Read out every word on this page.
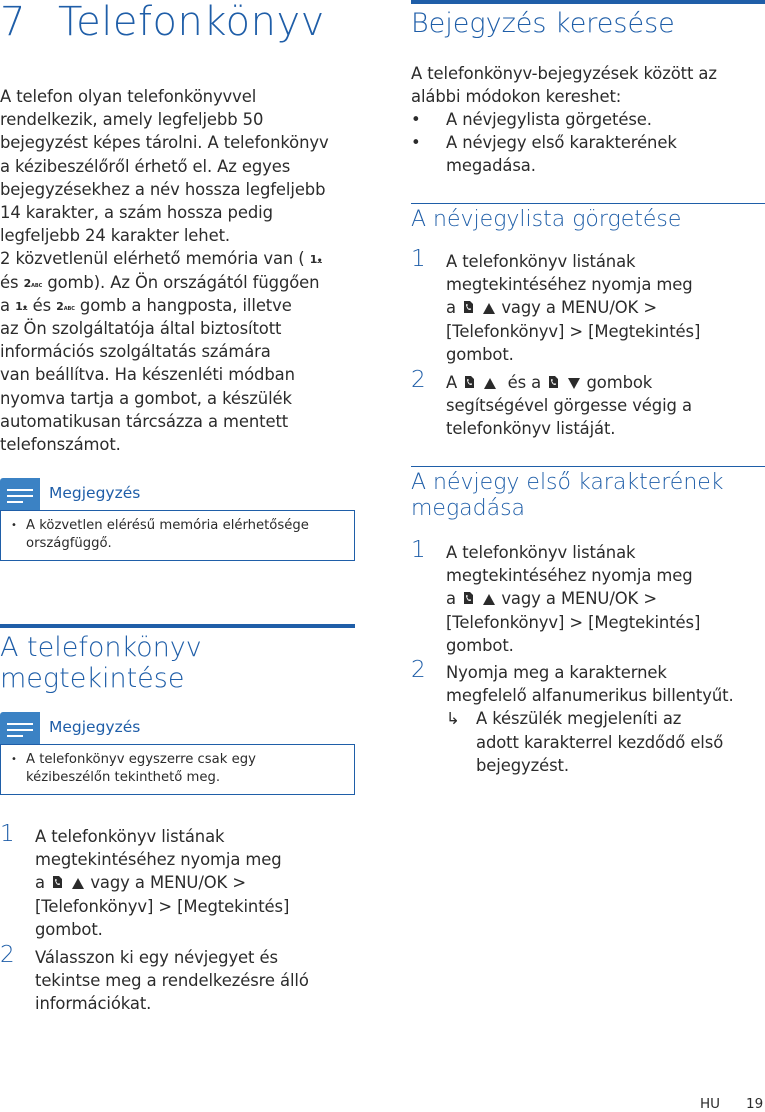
7 Telefonkönyv
A telefon olyan telefonkönyvvel
rendelkezik, amely legfeljebb 50
bejegyzést képes tárolni. A telefonkönyv
a kézibeszélőről érhető el. Az egyes
bejegyzésekhez a név hossza legfeljebb
14 karakter, a szám hossza pedig
legfeljebb 24 karakter lehet.
2 közvetlenül elérhető memória van ( 1ᴥ
és 2ABC gomb). Az Ön országától függően
a 1ᴥ és 2ABC gomb a hangposta, illetve
az Ön szolgáltatója által biztosított
információs szolgáltatás számára
van beállítva. Ha készenléti módban
nyomva tartja a gombot, a készülék
automatikusan tárcsázza a mentett
telefonszámot.
Megjegyzés
• A közvetlen elérésű memória elérhetősége
országfüggő.
A telefonkönyv
megtekintése
Megjegyzés
• A telefonkönyv egyszerre csak egy
kézibeszélőn tekinthető meg.
1 A telefonkönyv listának
megtekintéséhez nyomja meg
a	vagy a MENU/OK >
[Telefonkönyv] > [Megtekintés]
gombot.
2 Válasszon ki egy névjegyet és
tekintse meg a rendelkezésre álló
információkat.
Bejegyzés keresése
A telefonkönyv-bejegyzések között az
alábbi módokon kereshet:
•	A névjegylista görgetése.
•	A névjegy első karakterének
megadása.
A névjegylista görgetése
1 A telefonkönyv listának
megtekintéséhez nyomja meg
a	vagy a MENU/OK >
[Telefonkönyv] > [Megtekintés]
gombot.
2 A	és a	gombok
segítségével görgesse végig a
telefonkönyv listáját.
A névjegy első karakterének
megadása
1 A telefonkönyv listának
megtekintéséhez nyomja meg
a	vagy a MENU/OK >
[Telefonkönyv] > [Megtekintés]
gombot.
2 Nyomja meg a karakternek
megfelelő alfanumerikus billentyűt.
↳ A készülék megjeleníti az
adott karakterrel kezdődő első
bejegyzést.
HU 19
